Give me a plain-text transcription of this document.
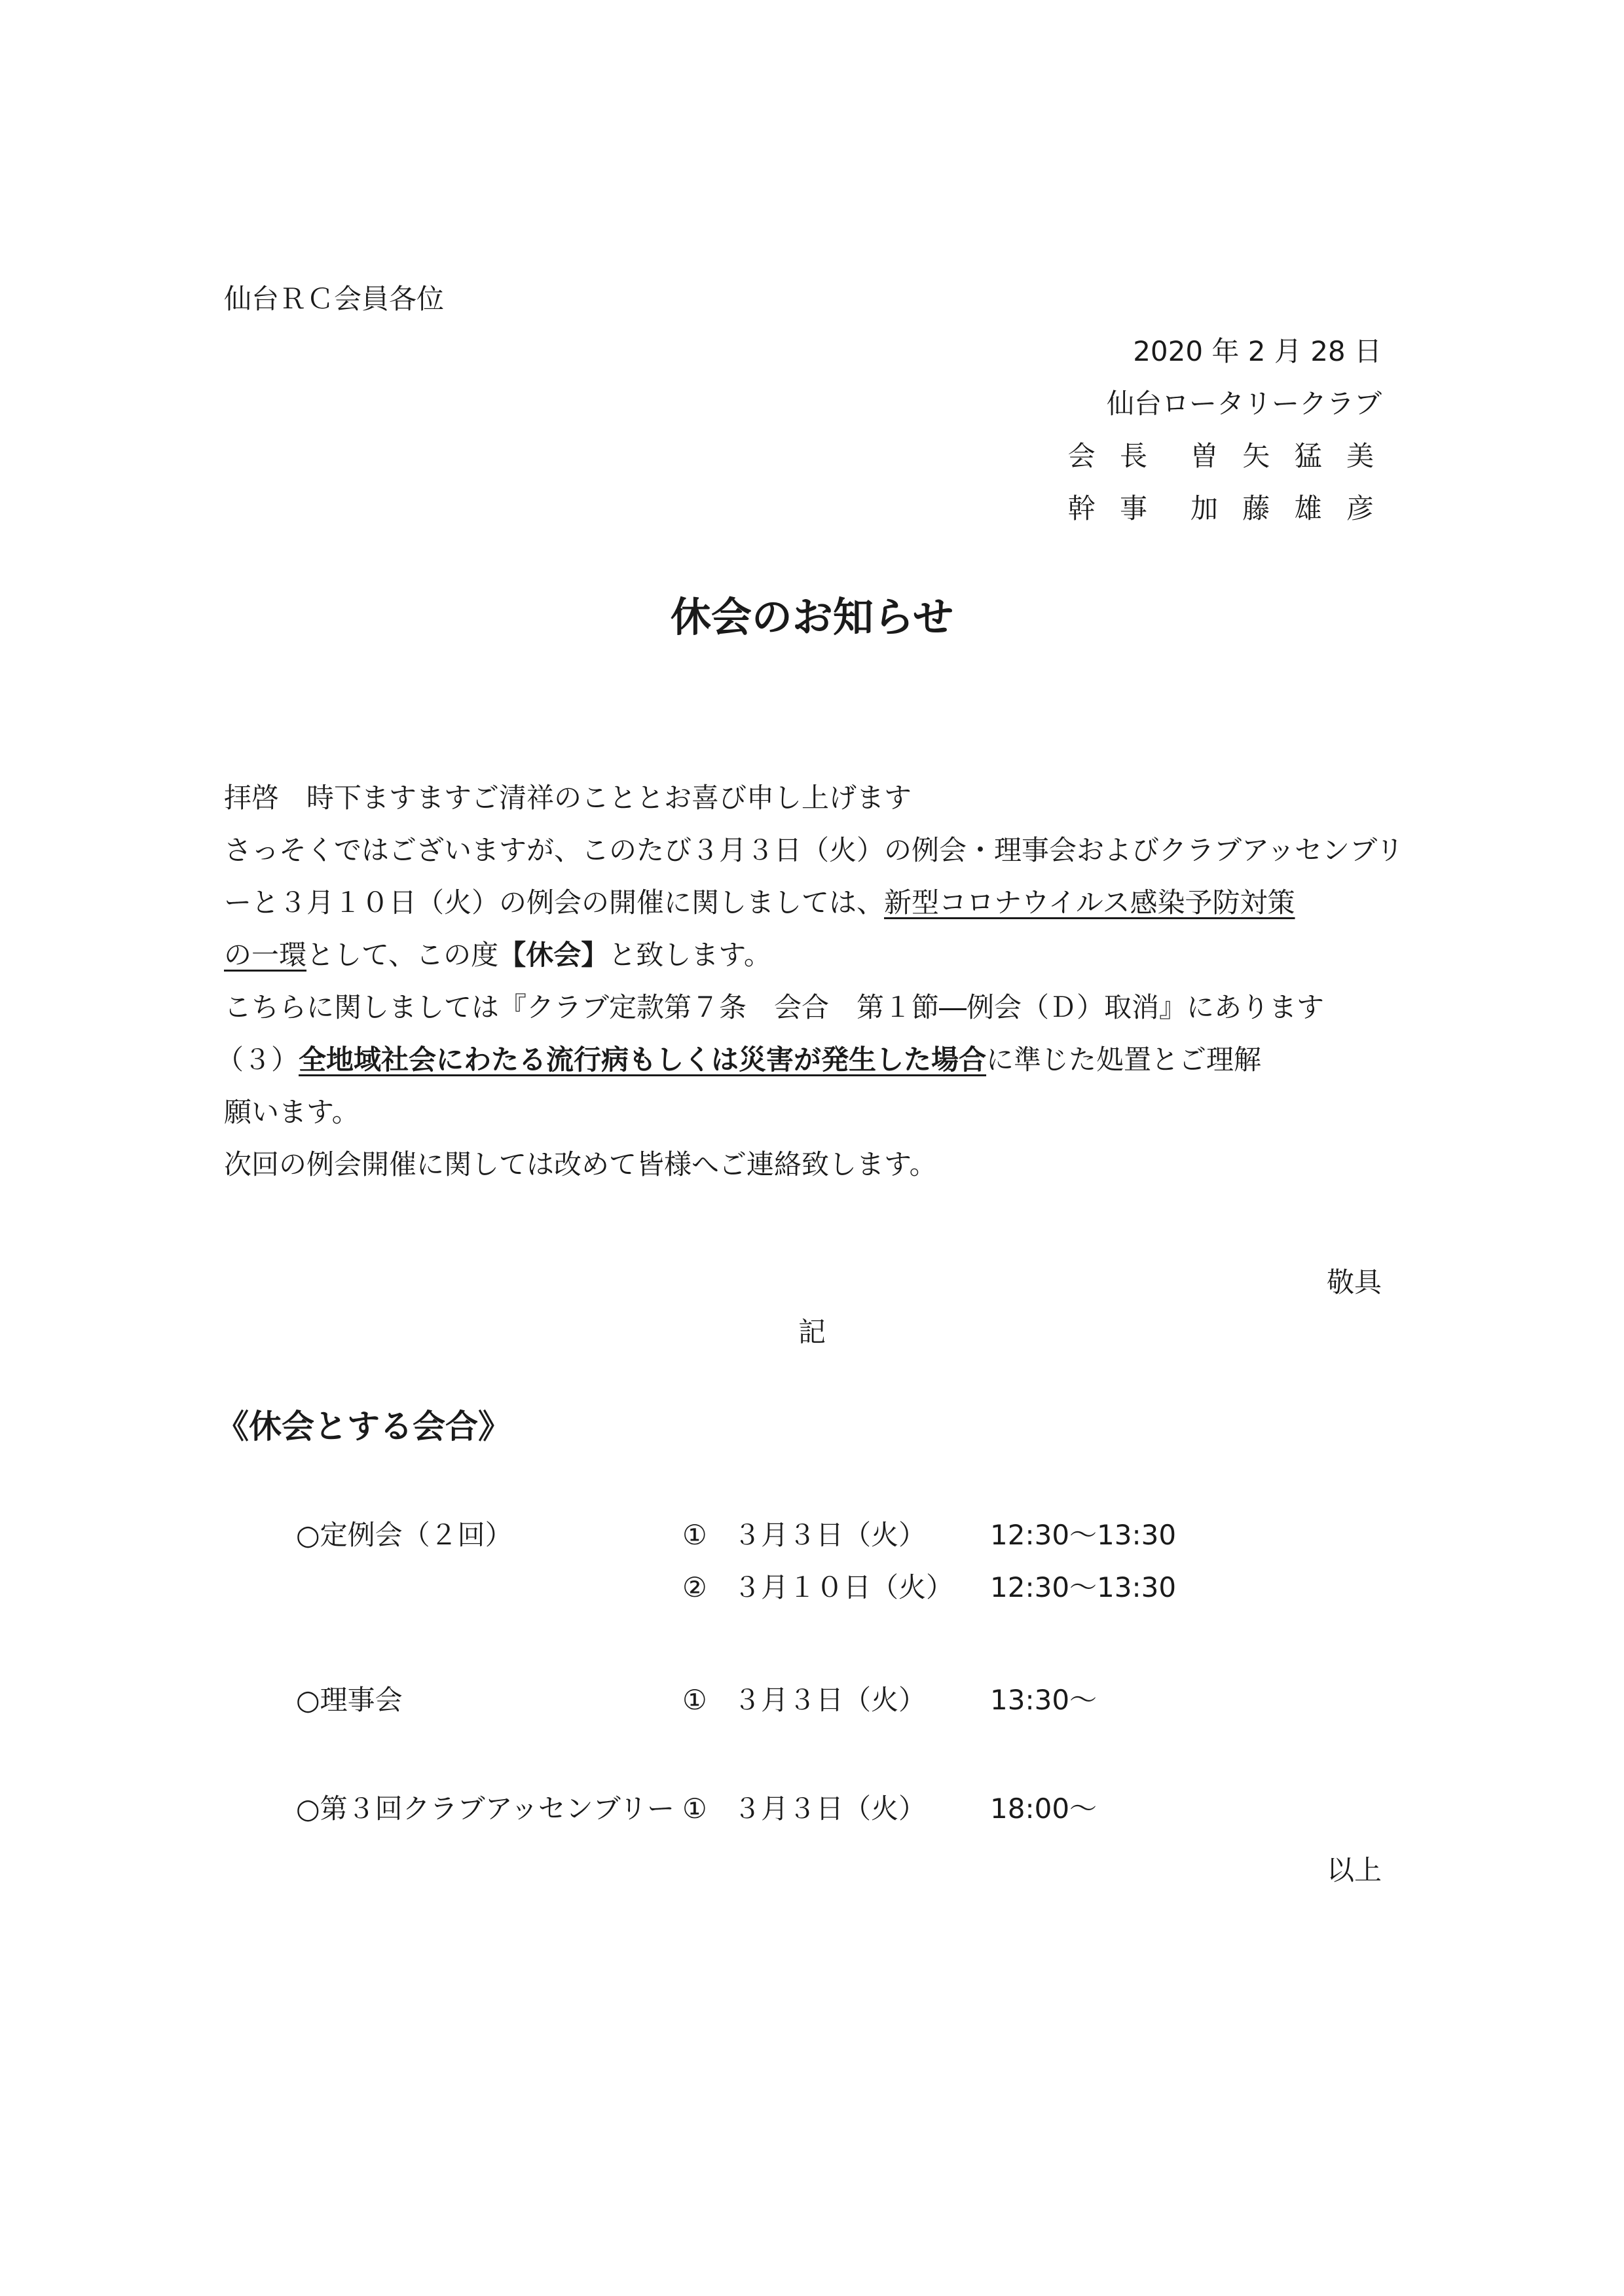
仙台ＲＣ会員各位
2020 年 2 月 28 日
仙台ロータリークラブ
会 長　曽 矢 猛 美
幹 事　加 藤 雄 彦
休会のお知らせ
拝啓　時下ますますご清祥のこととお喜び申し上げます
さっそくではございますが、このたび３月３日（火）の例会・理事会およびクラブアッセンブリ
ーと３月１０日（火）の例会の開催に関しましては、新型コロナウイルス感染予防対策
の一環として、この度【休会】と致します。
こちらに関しましては『クラブ定款第７条　会合　第１節―例会（Ｄ）取消』にあります
（３）全地域社会にわたる流行病もしくは災害が発生した場合に準じた処置とご理解
願います。
次回の例会開催に関しては改めて皆様へご連絡致します。
敬具
記
《休会とする会合》
○定例会（２回）	① ３月３日（火） 12:30～13:30
② ３月１０日（火） 12:30～13:30
○理事会	① ３月３日（火） 13:30～
○第３回クラブアッセンブリー ① ３月３日（火） 18:00～
以上
